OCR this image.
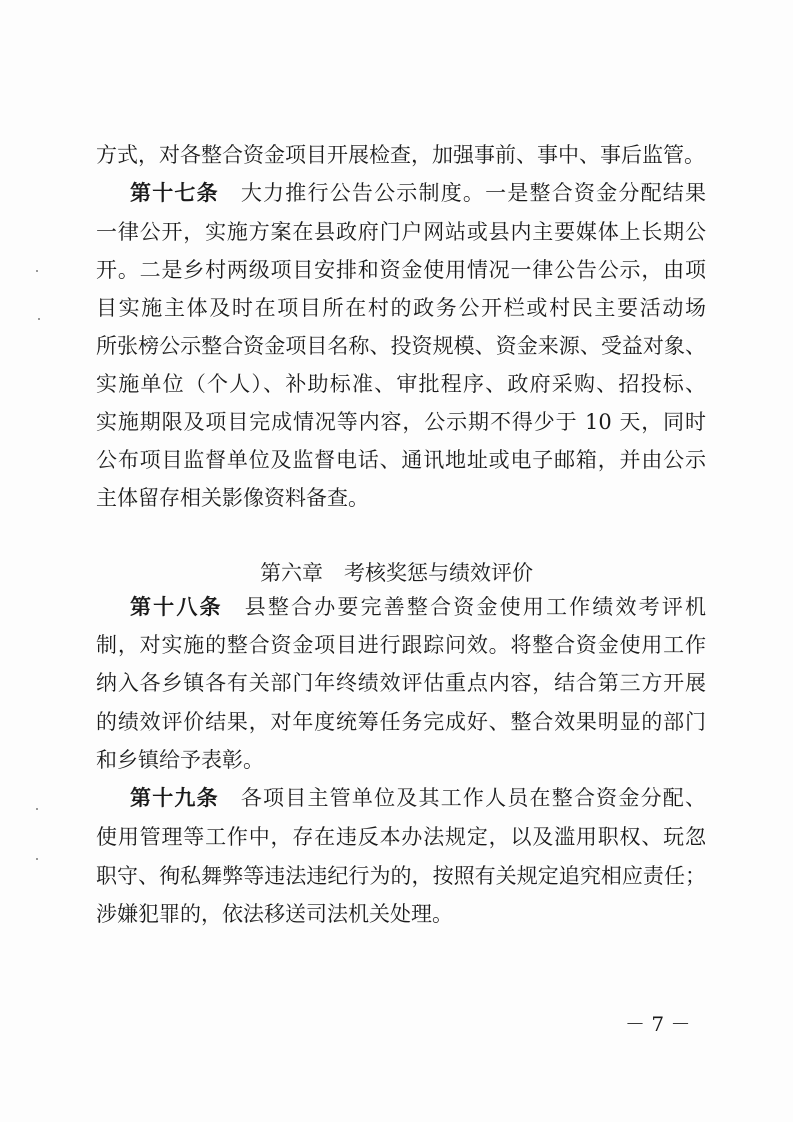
方式，对各整合资金项目开展检查，加强事前、事中、事后监管。
第十七条 大力推行公告公示制度。一是整合资金分配结果
一律公开，实施方案在县政府门户网站或县内主要媒体上长期公
开。二是乡村两级项目安排和资金使用情况一律公告公示，由项
目实施主体及时在项目所在村的政务公开栏或村民主要活动场
所张榜公示整合资金项目名称、投资规模、资金来源、受益对象、
实施单位（个人）、补助标准、审批程序、政府采购、招投标、
实施期限及项目完成情况等内容，公示期不得少于 10 天，同时
公布项目监督单位及监督电话、通讯地址或电子邮箱，并由公示
主体留存相关影像资料备查。
第六章　考核奖惩与绩效评价
第十八条 县整合办要完善整合资金使用工作绩效考评机
制，对实施的整合资金项目进行跟踪问效。将整合资金使用工作
纳入各乡镇各有关部门年终绩效评估重点内容，结合第三方开展
的绩效评价结果，对年度统筹任务完成好、整合效果明显的部门
和乡镇给予表彰。
第十九条 各项目主管单位及其工作人员在整合资金分配、
使用管理等工作中，存在违反本办法规定，以及滥用职权、玩忽
职守、徇私舞弊等违法违纪行为的，按照有关规定追究相应责任；
涉嫌犯罪的，依法移送司法机关处理。
－ 7 －
